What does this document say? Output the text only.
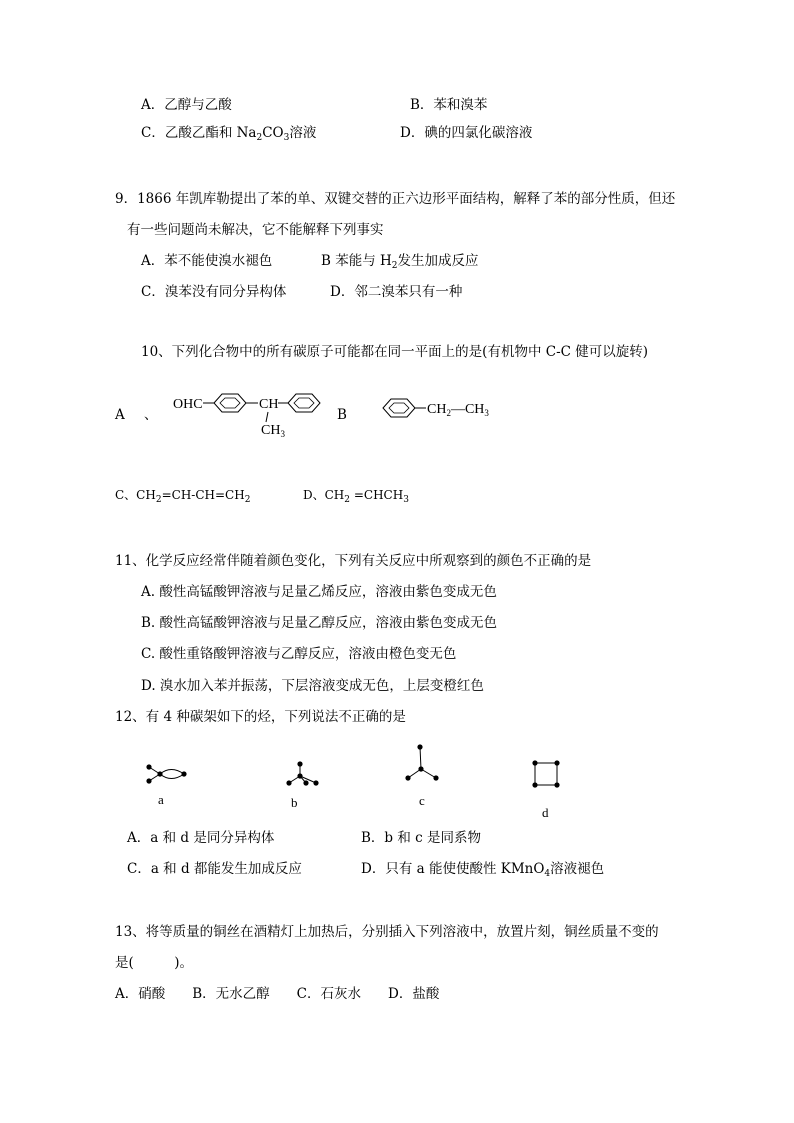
A．乙醇与乙酸	B．苯和溴苯
C．乙酸乙酯和 $Na_2CO_3$溶液	D．碘的四氯化碳溶液
9．1866 年凯库勒提出了苯的单、双键交替的正六边形平面结构，解释了苯的部分性质，但还
有一些问题尚未解决，它不能解释下列事实
A．苯不能使溴水褪色	B 苯能与 $H_2$发生加成反应
C．溴苯没有同分异构体	D．邻二溴苯只有一种
10、下列化合物中的所有碳原子可能都在同一平面上的是(有机物中 C-C 健可以旋转)
A 、
OHC	CH
$CH_3$
B	$CH_2—CH_3$
C、$CH_2=CH-CH=CH_2$	D、$CH_2$ $=CHCH_3$
11、化学反应经常伴随着颜色变化，下列有关反应中所观察到的颜色不正确的是
A. 酸性高锰酸钾溶液与足量乙烯反应，溶液由紫色变成无色
B. 酸性高锰酸钾溶液与足量乙醇反应，溶液由紫色变成无色
C. 酸性重铬酸钾溶液与乙醇反应，溶液由橙色变无色
D. 溴水加入苯并振荡，下层溶液变成无色，上层变橙红色
12、有 4 种碳架如下的烃，下列说法不正确的是
a	b	c
d
A．a 和 d 是同分异构体	B．b 和 c 是同系物
C．a 和 d 都能发生加成反应	D．只有 a 能使使酸性 KMnO$_4$溶液褪色
13、将等质量的铜丝在酒精灯上加热后，分别插入下列溶液中，放置片刻，铜丝质量不变的
是(　　　)。
A．硝酸　　B．无水乙醇　　C．石灰水　　D．盐酸
